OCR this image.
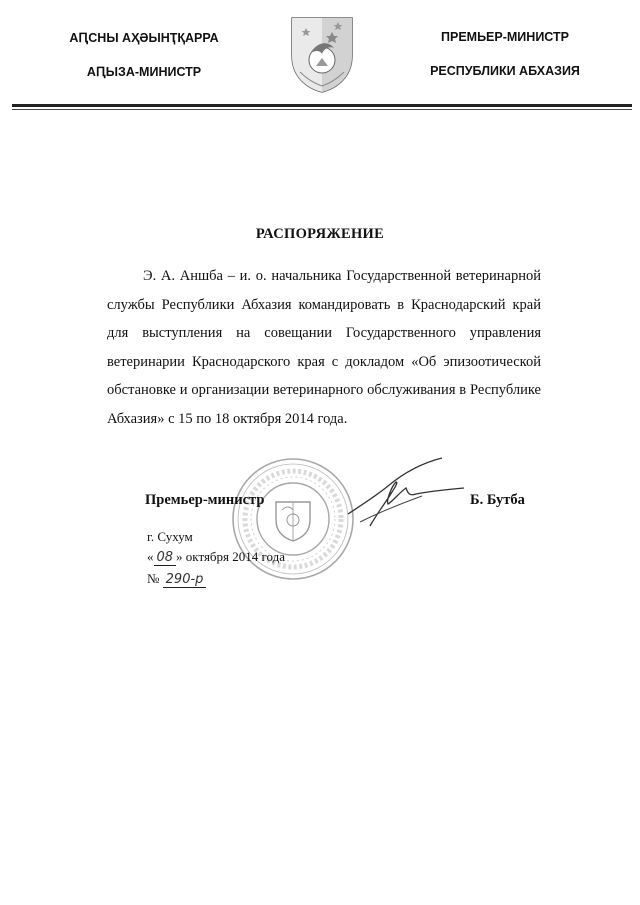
АԤСНЫ АҲӘЫНҬҚАРРА
АԤЫЗА-МИНИСТР
ПРЕМЬЕР-МИНИСТР
РЕСПУБЛИКИ АБХАЗИЯ
РАСПОРЯЖЕНИЕ
Э. А. Аншба – и. о. начальника Государственной ветеринарной службы Республики Абхазия командировать в Краснодарский край для выступления на совещании Государственного управления ветеринарии Краснодарского края с докладом «Об эпизоотической обстановке и организации ветеринарного обслуживания в Республике Абхазия» с 15 по 18 октября 2014 года.
Премьер-министр	Б. Бутба
г. Сухум
« 08 » октября 2014 года
№ 290-р
